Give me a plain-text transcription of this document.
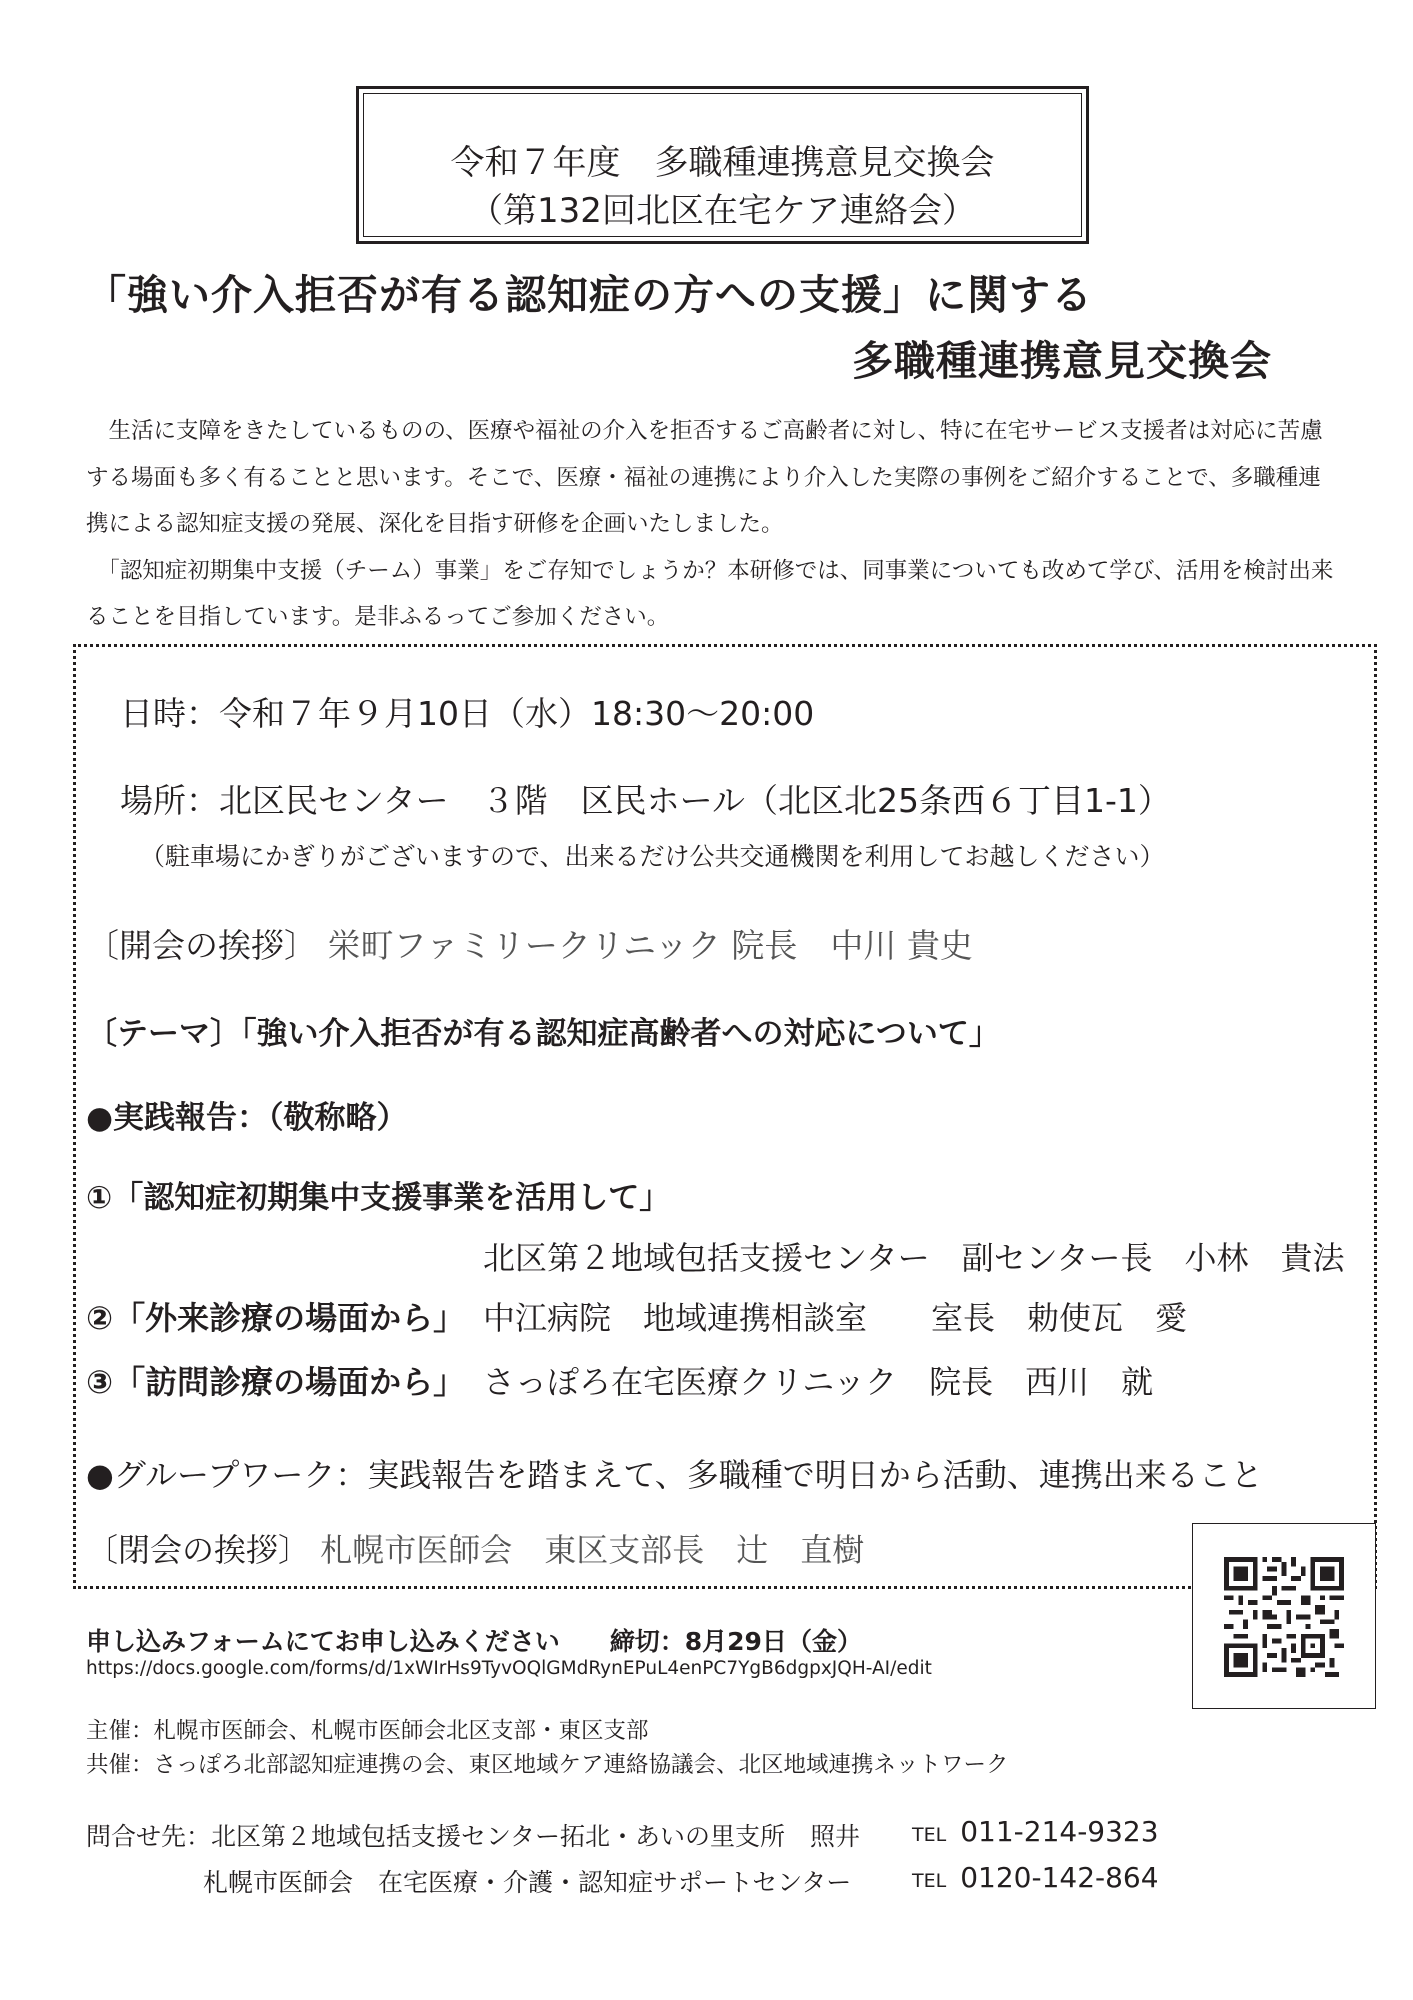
令和７年度　多職種連携意見交換会
（第132回北区在宅ケア連絡会）
「強い介入拒否が有る認知症の方への支援」に関する
多職種連携意見交換会

　生活に支障をきたしているものの、医療や福祉の介入を拒否するご高齢者に対し、特に在宅サービス支援者は対応に苦慮する場面も多く有ることと思います。そこで、医療・福祉の連携により介入した実際の事例をご紹介することで、多職種連携による認知症支援の発展、深化を目指す研修を企画いたしました。

　「認知症初期集中支援（チーム）事業」をご存知でしょうか？本研修では、同事業についても改めて学び、活用を検討出来ることを目指しています。是非ふるってご参加ください。

日時：令和７年９月10日（水）18:30～20:00
場所：北区民センター　３階　区民ホール（北区北25条西６丁目1-1）
（駐車場にかぎりがございますので、出来るだけ公共交通機関を利用してお越しください）
〔開会の挨拶〕 栄町ファミリークリニック 院長　中川 貴史
〔テーマ〕「強い介入拒否が有る認知症高齢者への対応について」
●実践報告：（敬称略）
①「認知症初期集中支援事業を活用して」
北区第２地域包括支援センター　副センター長　小林　貴法
②「外来診療の場面から」 中江病院　地域連携相談室　　室長　勅使瓦　愛
③「訪問診療の場面から」 さっぽろ在宅医療クリニック　院長　西川　就
●グループワーク：実践報告を踏まえて、多職種で明日から活動、連携出来ること
〔閉会の挨拶〕 札幌市医師会　東区支部長　辻　直樹
申し込みフォームにてお申し込みください　　締切：8月29日（金）
https://docs.google.com/forms/d/1xWIrHs9TyvOQlGMdRynEPuL4enPC7YgB6dgpxJQH-AI/edit
主催：札幌市医師会、札幌市医師会北区支部・東区支部
共催：さっぽろ北部認知症連携の会、東区地域ケア連絡協議会、北区地域連携ネットワーク
問合せ先：北区第２地域包括支援センター拓北・あいの里支所　照井
札幌市医師会　在宅医療・介護・認知症サポートセンター
TEL 011-214-9323
TEL 0120-142-864
